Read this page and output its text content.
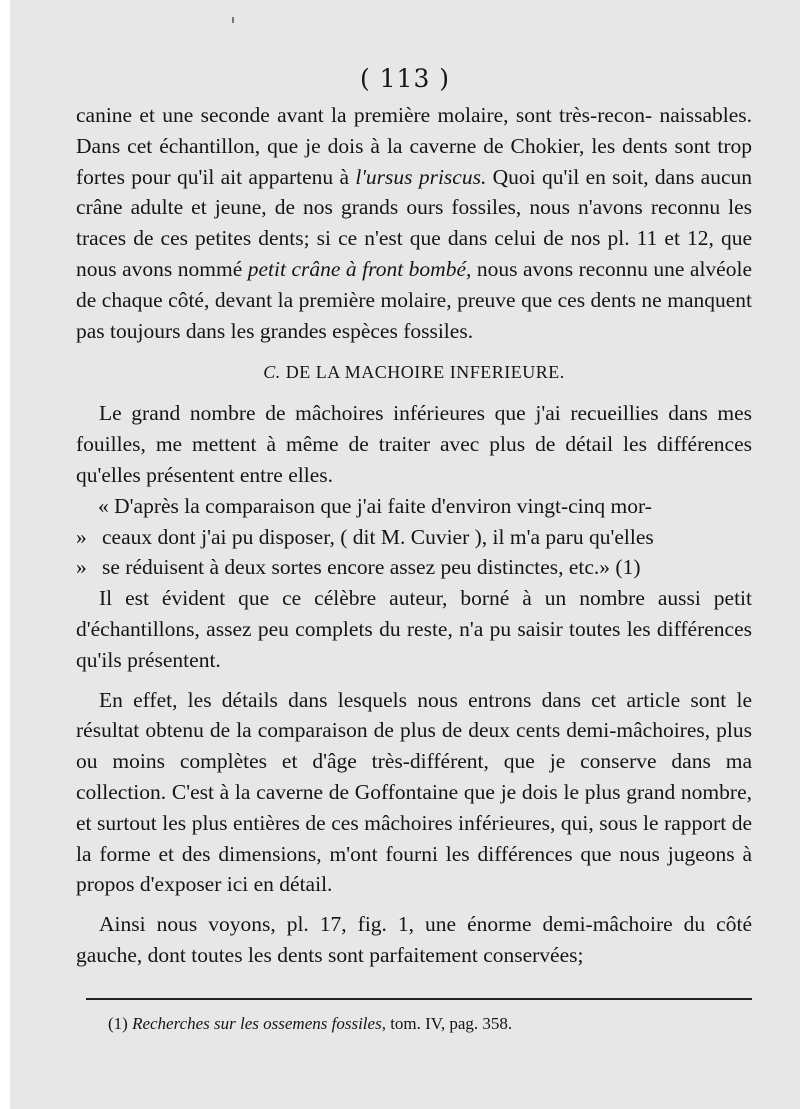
( 113 )

canine et une seconde avant la première molaire, sont très-recon- naissables. Dans cet échantillon, que je dois à la caverne de Chokier, les dents sont trop fortes pour qu'il ait appartenu à l'ursus priscus. Quoi qu'il en soit, dans aucun crâne adulte et jeune, de nos grands ours fossiles, nous n'avons reconnu les traces de ces petites dents; si ce n'est que dans celui de nos pl. 11 et 12, que nous avons nommé petit crâne à front bombé, nous avons reconnu une alvéole de chaque côté, devant la première molaire, preuve que ces dents ne manquent pas toujours dans les grandes espèces fossiles.

C. DE LA MACHOIRE INFERIEURE.

Le grand nombre de mâchoires inférieures que j'ai recueillies dans mes fouilles, me mettent à même de traiter avec plus de détail les différences qu'elles présentent entre elles.

« D'après la comparaison que j'ai faite d'environ vingt-cinq mor-

» ceaux dont j'ai pu disposer, ( dit M. Cuvier ), il m'a paru qu'elles

» se réduisent à deux sortes encore assez peu distinctes, etc.» (1)

Il est évident que ce célèbre auteur, borné à un nombre aussi petit d'échantillons, assez peu complets du reste, n'a pu saisir toutes les différences qu'ils présentent.

En effet, les détails dans lesquels nous entrons dans cet article sont le résultat obtenu de la comparaison de plus de deux cents demi-mâchoires, plus ou moins complètes et d'âge très-différent, que je conserve dans ma collection. C'est à la caverne de Goffontaine que je dois le plus grand nombre, et surtout les plus entières de ces mâchoires inférieures, qui, sous le rapport de la forme et des dimensions, m'ont fourni les différences que nous jugeons à propos d'exposer ici en détail.

Ainsi nous voyons, pl. 17, fig. 1, une énorme demi-mâchoire du côté gauche, dont toutes les dents sont parfaitement conservées;

(1) Recherches sur les ossemens fossiles, tom. IV, pag. 358.
